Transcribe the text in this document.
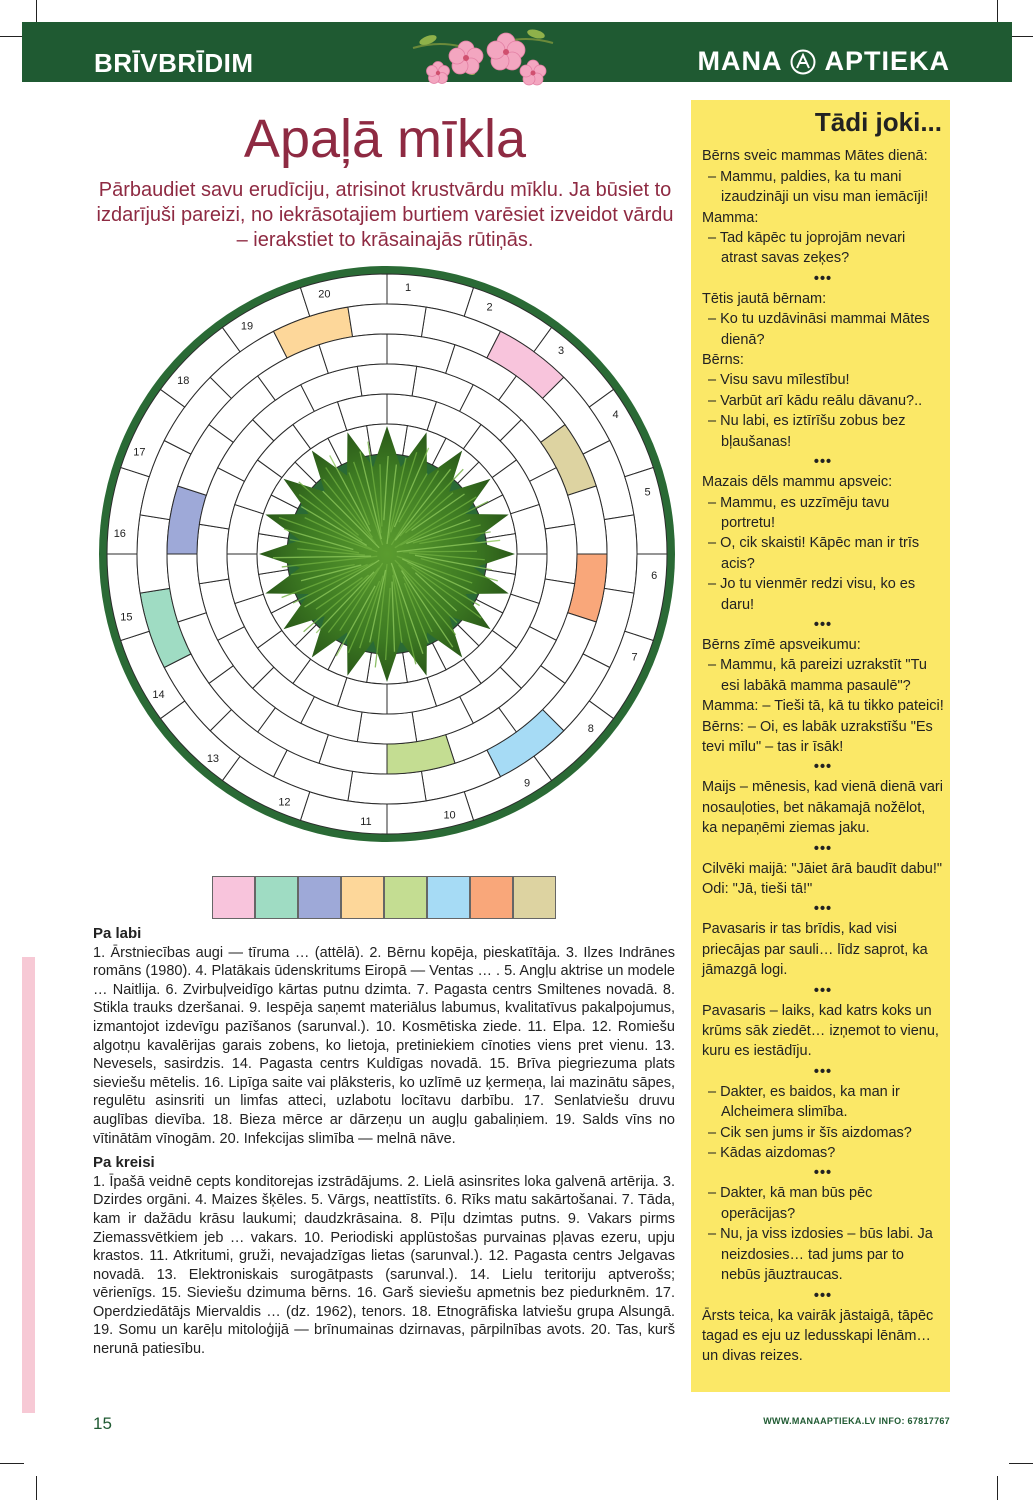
BRĪVBRĪDIM	MANA APTIEKA
Apaļā mīkla
Pārbaudiet savu erudīciju, atrisinot krustvārdu mīklu. Ja būsiet to izdarījuši pareizi, no iekrāsotajiem burtiem varēsiet izveidot vārdu – ierakstiet to krāsainajās rūtiņās.
1
2
3
4
5
6
7
8
9
10
11
12
13
14
15
16
17
18
19
20
Pa labi

1. Ārstniecības augi — tīruma … (attēlā). 2. Bērnu kopēja, pieskatītāja. 3. Ilzes Indrānes romāns (1980). 4. Platākais ūdenskritums Eiropā — Ventas … . 5. Angļu aktrise un modele … Naitlija. 6. Zvirbuļveidīgo kārtas putnu dzimta. 7. Pagasta centrs Smiltenes novadā. 8. Stikla trauks dzeršanai. 9. Iespēja saņemt materiālus labumus, kvalitatīvus pakalpojumus, izmantojot izdevīgu pazīšanos (sarunval.). 10. Kosmētiska ziede. 11. Elpa. 12. Romiešu algotņu kavalērijas garais zobens, ko lietoja, pretiniekiem cīnoties viens pret vienu. 13. Nevesels, sasirdzis. 14. Pagasta centrs Kuldīgas novadā. 15. Brīva piegriezuma plats sieviešu mētelis. 16. Lipīga saite vai plāksteris, ko uzlīmē uz ķermeņa, lai mazinātu sāpes, regulētu asinsriti un limfas atteci, uzlabotu locītavu darbību. 17. Senlatviešu druvu auglības dievība. 18. Bieza mērce ar dārzeņu un augļu gabaliņiem. 19. Salds vīns no vītinātām vīnogām. 20. Infekcijas slimība — melnā nāve.

Pa kreisi

1. Īpašā veidnē cepts konditorejas izstrādājums. 2. Lielā asinsrites loka galvenā artērija. 3. Dzirdes orgāni. 4. Maizes šķēles. 5. Vārgs, neattīstīts. 6. Rīks matu sakārtošanai. 7. Tāda, kam ir dažādu krāsu laukumi; daudzkrāsaina. 8. Pīļu dzimtas putns. 9. Vakars pirms Ziemassvētkiem jeb … vakars. 10. Periodiski applūstošas purvainas pļavas ezeru, upju krastos. 11. Atkritumi, gruži, nevajadzīgas lietas (sarunval.). 12. Pagasta centrs Jelgavas novadā. 13. Elektroniskais surogātpasts (sarunval.). 14. Lielu teritoriju aptverošs; vērienīgs. 15. Sieviešu dzimuma bērns. 16. Garš sieviešu apmetnis bez piedurknēm. 17. Operdziedātājs Miervaldis … (dz. 1962), tenors. 18. Etnogrāfiska latviešu grupa Alsungā. 19. Somu un karēļu mitoloģijā — brīnumainas dzirnavas, pārpilnības avots. 20. Tas, kurš nerunā patiesību.

15	WWW.MANAAPTIEKA.LV INFO: 67817767
Tādi joki...
Bērns sveic mammas Mātes dienā:
– Mammu, paldies, ka tu mani izaudzināji un visu man iemācīji!
Mamma:
– Tad kāpēc tu joprojām nevari atrast savas zeķes?
•••
Tētis jautā bērnam:
– Ko tu uzdāvināsi mammai Mātes dienā?
Bērns:
– Visu savu mīlestību!
– Varbūt arī kādu reālu dāvanu?..
– Nu labi, es iztīrīšu zobus bez bļaušanas!
•••
Mazais dēls mammu apsveic:
– Mammu, es uzzīmēju tavu portretu!
– O, cik skaisti! Kāpēc man ir trīs acis?
– Jo tu vienmēr redzi visu, ko es daru!
•••
Bērns zīmē apsveikumu:
– Mammu, kā pareizi uzrakstīt "Tu esi labākā mamma pasaulē"?
Mamma: – Tieši tā, kā tu tikko pateici!
Bērns: – Oi, es labāk uzrakstīšu "Es tevi mīlu" – tas ir īsāk!
•••
Maijs – mēnesis, kad vienā dienā vari nosauļoties, bet nākamajā nožēlot, ka nepaņēmi ziemas jaku.
•••
Cilvēki maijā: "Jāiet ārā baudīt dabu!" Odi: "Jā, tieši tā!"
•••
Pavasaris ir tas brīdis, kad visi priecājas par sauli… līdz saprot, ka jāmazgā logi.
•••
Pavasaris – laiks, kad katrs koks un krūms sāk ziedēt… izņemot to vienu, kuru es iestādīju.
•••
– Dakter, es baidos, ka man ir Alcheimera slimība.
– Cik sen jums ir šīs aizdomas?
– Kādas aizdomas?
•••
– Dakter, kā man būs pēc operācijas?
– Nu, ja viss izdosies – būs labi. Ja neizdosies… tad jums par to nebūs jāuztraucas.
•••
Ārsts teica, ka vairāk jāstaigā, tāpēc tagad es eju uz ledusskapi lēnām… un divas reizes.
